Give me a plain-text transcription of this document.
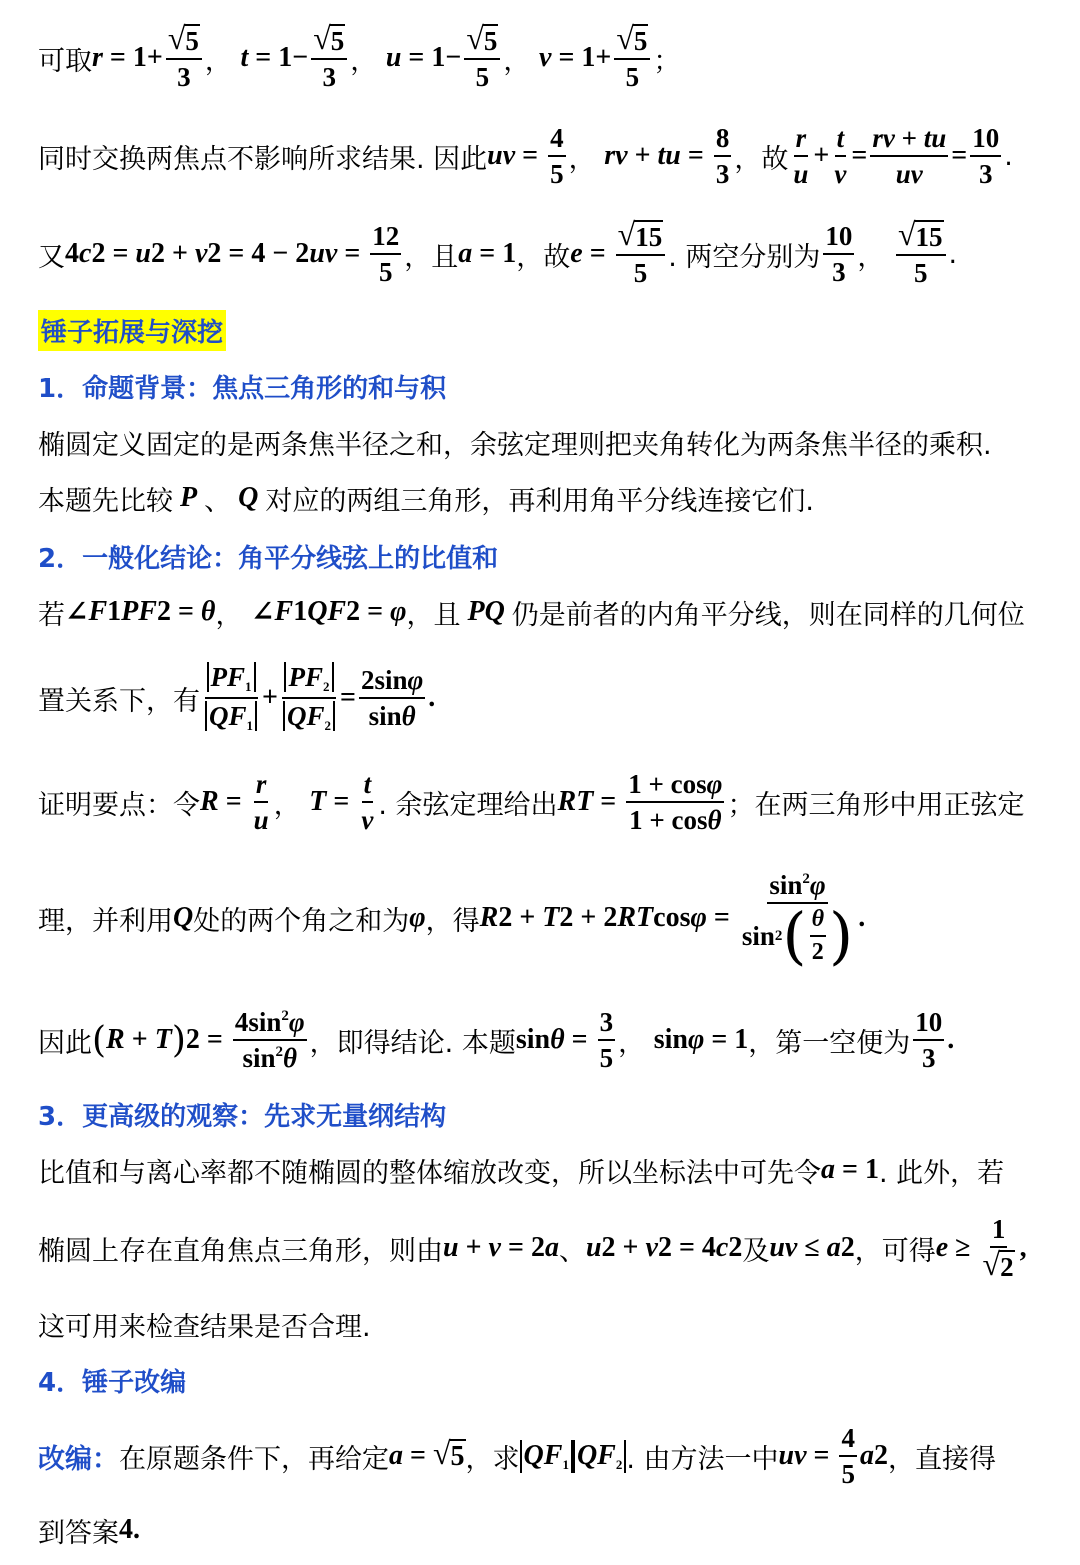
可取 $r = 1+ \frac{√ 5}{3}$ ，
$t = 1- \frac{√ 5}{3}$ ，
$u = 1- \frac{√ 5}{5}$ ，
$v = 1+ \frac{√ 5}{5}$ ；
同时交换两焦点不影响所求结果. 因此 uv = $\frac{4}{5}$ ，
rv + tu = $\frac{8}{3}$ ，故 $\frac{r}{u} + \frac{t}{v} = \frac{rv + tu}{uv} = \frac{10}{3}$ .
又 4 c 2 = u 2 + v 2 = 4 − 2 uv = $\frac{12}{5}$ ，且 a = 1 ，故 $e = \frac{√ 15}{5}$ . 两空分别为 $\frac{10}{3}$ ，
$\frac{√ 15}{5}$ .
锤子拓展与深挖
1．命题背景：焦点三角形的和与积
椭圆定义固定的是两条焦半径之和，余弦定理则把夹角转化为两条焦半径的乘积.
本题先比较 P 、 Q 对应的两组三角形，再利用角平分线连接它们.
2．一般化结论：角平分线弦上的比值和
若 ∠ F 1 PF 2 = θ ，
∠ F 1 QF 2 = φ ，且 PQ 仍是前者的内角平分线，则在同样的几何位
置关系下，有 $\frac{PF_1}{QF_1} + \frac{PF_2}{QF_2} = \frac{2\sin\varphi}{\sin\theta}$ .
证明要点：令 $R = \frac{r}{u}$ ，
$T = \frac{t}{v}$ . 余弦定理给出 RT = $\frac{1 + \cos\varphi}{1 + \cos\theta}$ ；在两三角形中用正弦定
理，并利用 Q 处的两个角之和为 φ ，得 R 2 + T 2 + 2 RT $\cos \varphi = \frac{\sin^2\varphi}{\sin 2 ( \frac{\theta}{2} )}$ .
因此 ( R + T ) $2 = \frac{4\sin^2\varphi}{\sin^2\theta}$ ，即得结论. 本题 $\sin \theta = \frac{3}{5}$ ，
sin φ = 1 ，第一空便为 $\frac{10}{3}$ .
3．更高级的观察：先求无量纲结构
比值和与离心率都不随椭圆的整体缩放改变，所以坐标法中可先令 a = 1 . 此外，若
椭圆上存在直角焦点三角形，则由 u + v = 2 a 、 u 2 + v 2 = 4 c 2 及 uv ≤ a 2 ，可得 $e \ge \frac{1}{√ 2}$ ,
这可用来检查结果是否合理.
4．锤子改编
改编： 在原题条件下，再给定 a = √ 5 ，求 $QF_1$ $QF_2$ . 由方法一中 uv = $\frac{4}{5}$ a 2 ，直接得
到答案 4 .
